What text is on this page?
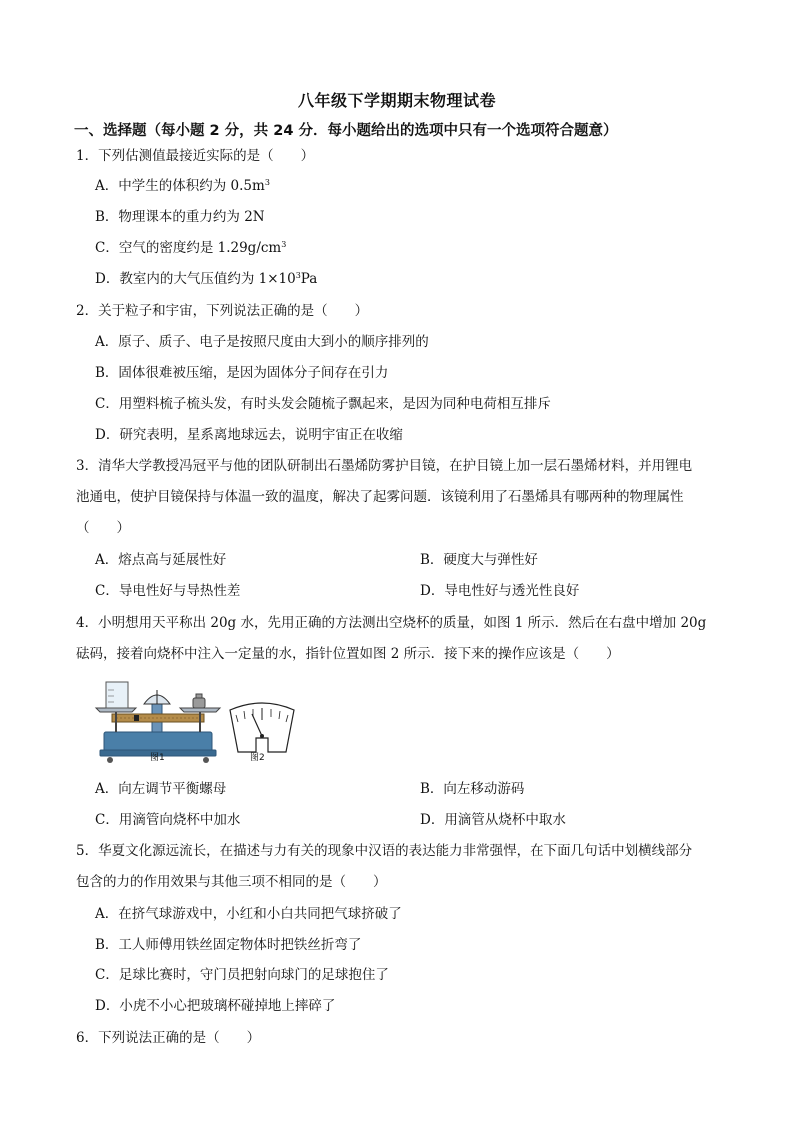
八年级下学期期末物理试卷
一、选择题（每小题 2 分，共 24 分．每小题给出的选项中只有一个选项符合题意）
1．下列估测值最接近实际的是（　　）
A．中学生的体积约为 $0.5m^3$
B．物理课本的重力约为 2N
C．空气的密度约是 $1.29g/cm^3$
D．教室内的大气压值约为 $1\times 10^3Pa$
2．关于粒子和宇宙，下列说法正确的是（　　）
A．原子、质子、电子是按照尺度由大到小的顺序排列的
B．固体很难被压缩，是因为固体分子间存在引力
C．用塑料梳子梳头发，有时头发会随梳子飘起来，是因为同种电荷相互排斥
D．研究表明，星系离地球远去，说明宇宙正在收缩
3．清华大学教授冯冠平与他的团队研制出石墨烯防雾护目镜，在护目镜上加一层石墨烯材料，并用锂电
池通电，使护目镜保持与体温一致的温度，解决了起雾问题．该镜利用了石墨烯具有哪两种的物理属性
（　　）
A．熔点高与延展性好	B．硬度大与弹性好
C．导电性好与导热性差	D．导电性好与透光性良好
4．小明想用天平称出 20g 水，先用正确的方法测出空烧杯的质量，如图 1 所示．然后在右盘中增加 20g
砝码，接着向烧杯中注入一定量的水，指针位置如图 2 所示．接下来的操作应该是（　　）
图1	图2
A．向左调节平衡螺母	B．向左移动游码
C．用滴管向烧杯中加水	D．用滴管从烧杯中取水
5．华夏文化源远流长，在描述与力有关的现象中汉语的表达能力非常强悍，在下面几句话中划横线部分
包含的力的作用效果与其他三项不相同的是（　　）
A．在挤气球游戏中，小红和小白共同把气球挤破了
B．工人师傅用铁丝固定物体时把铁丝折弯了
C．足球比赛时，守门员把射向球门的足球抱住了
D．小虎不小心把玻璃杯碰掉地上摔碎了
6．下列说法正确的是（　　）
